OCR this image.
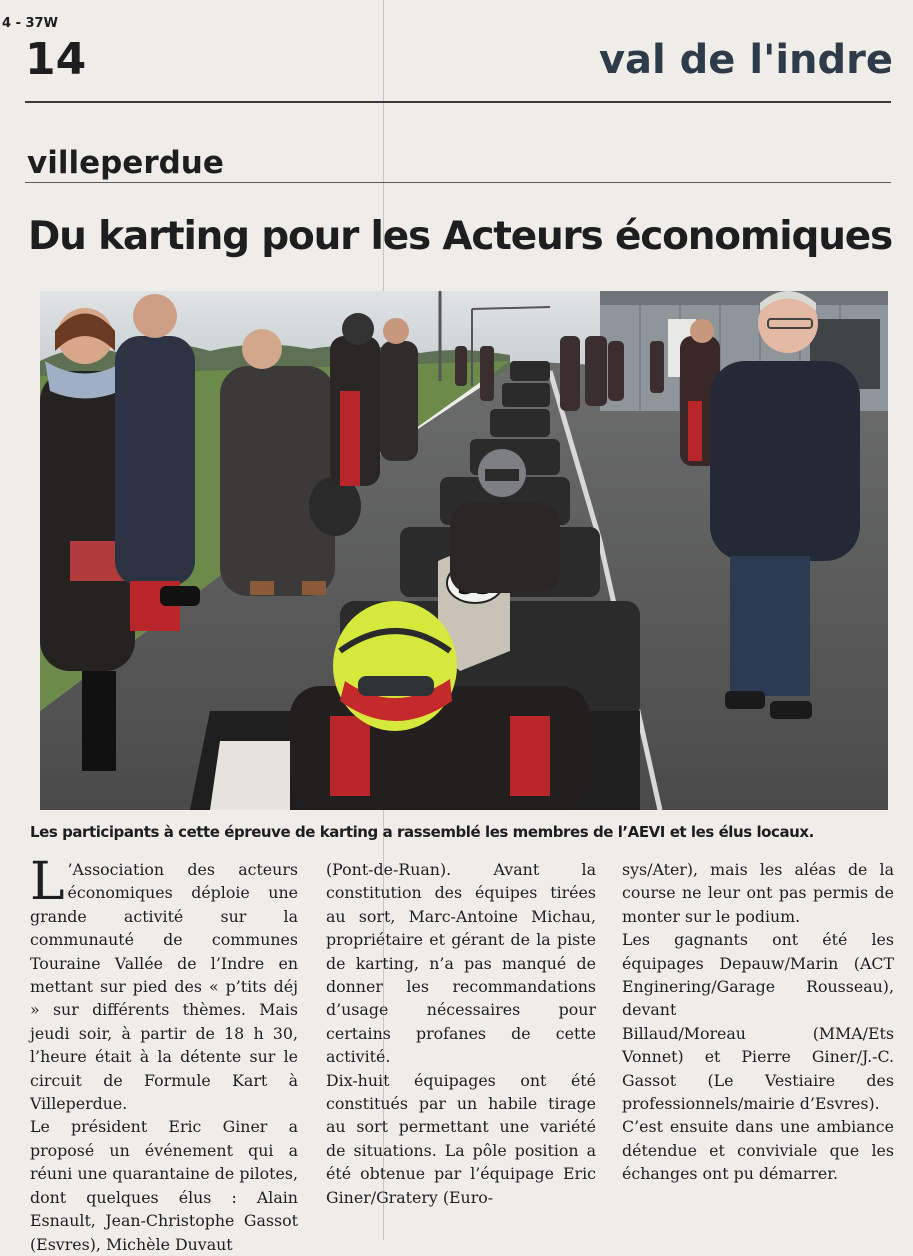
4 - 37W
14	val de l'indre
villeperdue
Du karting pour les Acteurs économiques
Les participants à cette épreuve de karting a rassemblé les membres de l’AEVI et les élus locaux.

L ’Association des acteurs économiques déploie une grande activité sur la communauté de communes Touraine Vallée de l’Indre en mettant sur pied des « p’tits déj » sur différents thèmes. Mais jeudi soir, à partir de 18 h 30, l’heure était à la détente sur le circuit de Formule Kart à Villeperdue.

Le président Eric Giner a proposé un événement qui a réuni une quarantaine de pilotes, dont quelques élus : Alain Esnault, Jean-Christophe Gassot (Esvres), Michèle Duvaut

(Pont-de-Ruan). Avant la constitution des équipes tirées au sort, Marc-Antoine Michau, propriétaire et gérant de la piste de karting, n’a pas manqué de donner les recommandations d’usage nécessaires pour certains profanes de cette activité.

Dix-huit équipages ont été constitués par un habile tirage au sort permettant une variété de situations. La pôle position a été obtenue par l’équipage Eric Giner/Gratery (Euro-

sys/Ater), mais les aléas de la course ne leur ont pas permis de monter sur le podium.

Les gagnants ont été les équipages Depauw/Marin (ACT Enginering/Garage Rousseau), devant

Billaud/Moreau (MMA/Ets Vonnet) et Pierre Giner/J.-C. Gassot (Le Vestiaire des professionnels/mairie d’Esvres).

C’est ensuite dans une ambiance détendue et conviviale que les échanges ont pu démarrer.
